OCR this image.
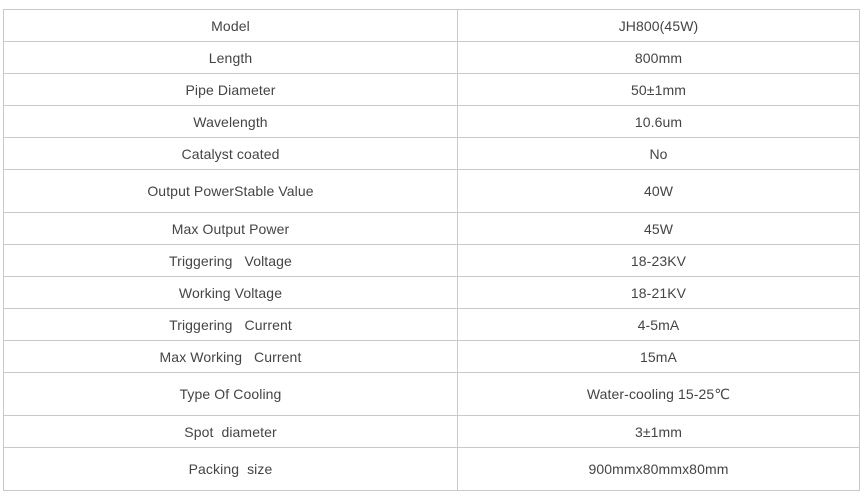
Model	JH800(45W)
Length	800mm
Pipe Diameter	50±1mm
Wavelength	10.6um
Catalyst coated	No
Output PowerStable Value	40W
Max Output Power	45W
Triggering   Voltage	18-23KV
Working Voltage	18-21KV
Triggering   Current	4-5mA
Max Working   Current	15mA
Type Of Cooling	Water-cooling 15-25℃
Spot  diameter	3±1mm
Packing  size	900mmx80mmx80mm
